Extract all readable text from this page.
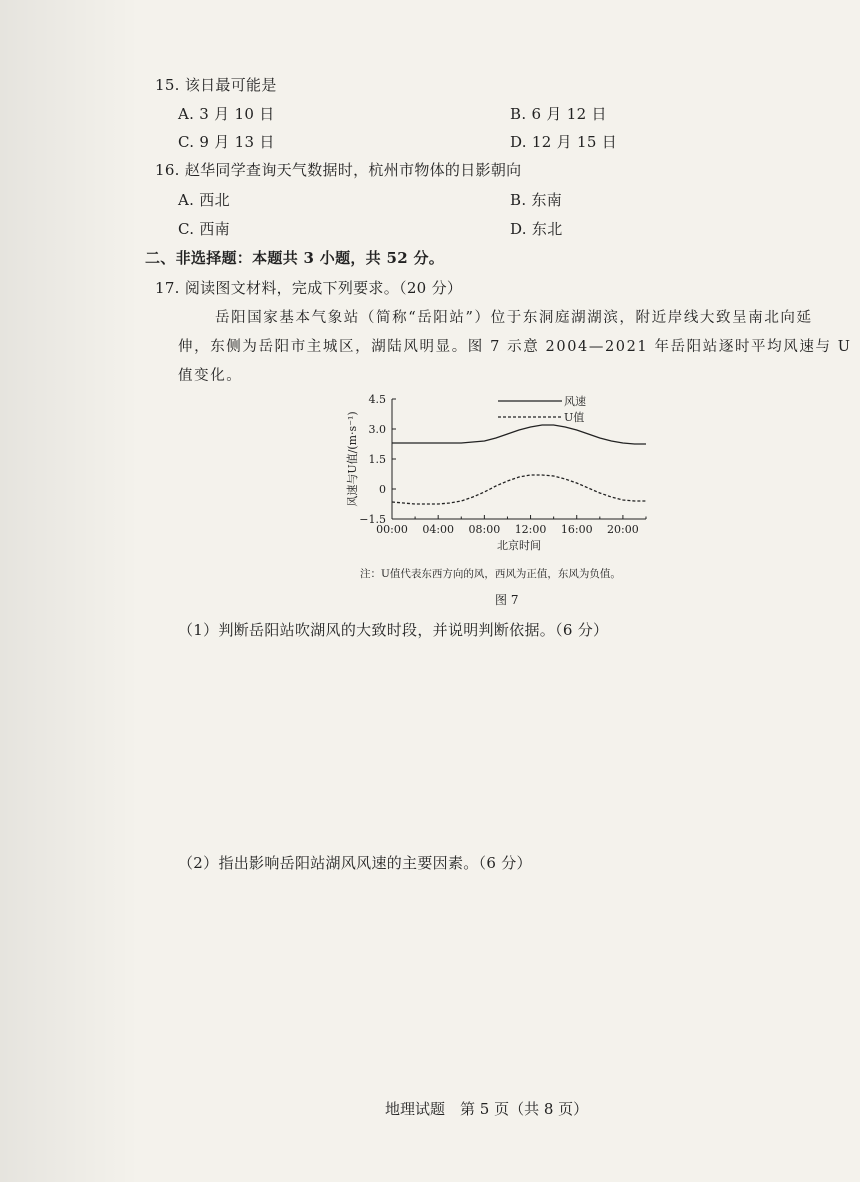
15. 该日最可能是
A. 3 月 10 日	B. 6 月 12 日
C. 9 月 13 日	D. 12 月 15 日
16. 赵华同学查询天气数据时，杭州市物体的日影朝向
A. 西北	B. 东南
C. 西南	D. 东北
二、非选择题：本题共 3 小题，共 52 分。
17. 阅读图文材料，完成下列要求。（20 分）
岳阳国家基本气象站（简称“岳阳站”）位于东洞庭湖湖滨，附近岸线大致呈南北向延
伸，东侧为岳阳市主城区，湖陆风明显。图 7 示意 2004—2021 年岳阳站逐时平均风速与 U
值变化。
4.5
3.0
1.5
0
−1.5
00:00 04:00 08:00 12:00 16:00 20:00
北京时间
风速与U值/(m·s⁻¹)
风速
U值
注：U值代表东西方向的风，西风为正值，东风为负值。
图 7
（1）判断岳阳站吹湖风的大致时段，并说明判断依据。（6 分）
（2）指出影响岳阳站湖风风速的主要因素。（6 分）
地理试题　第 5 页（共 8 页）
